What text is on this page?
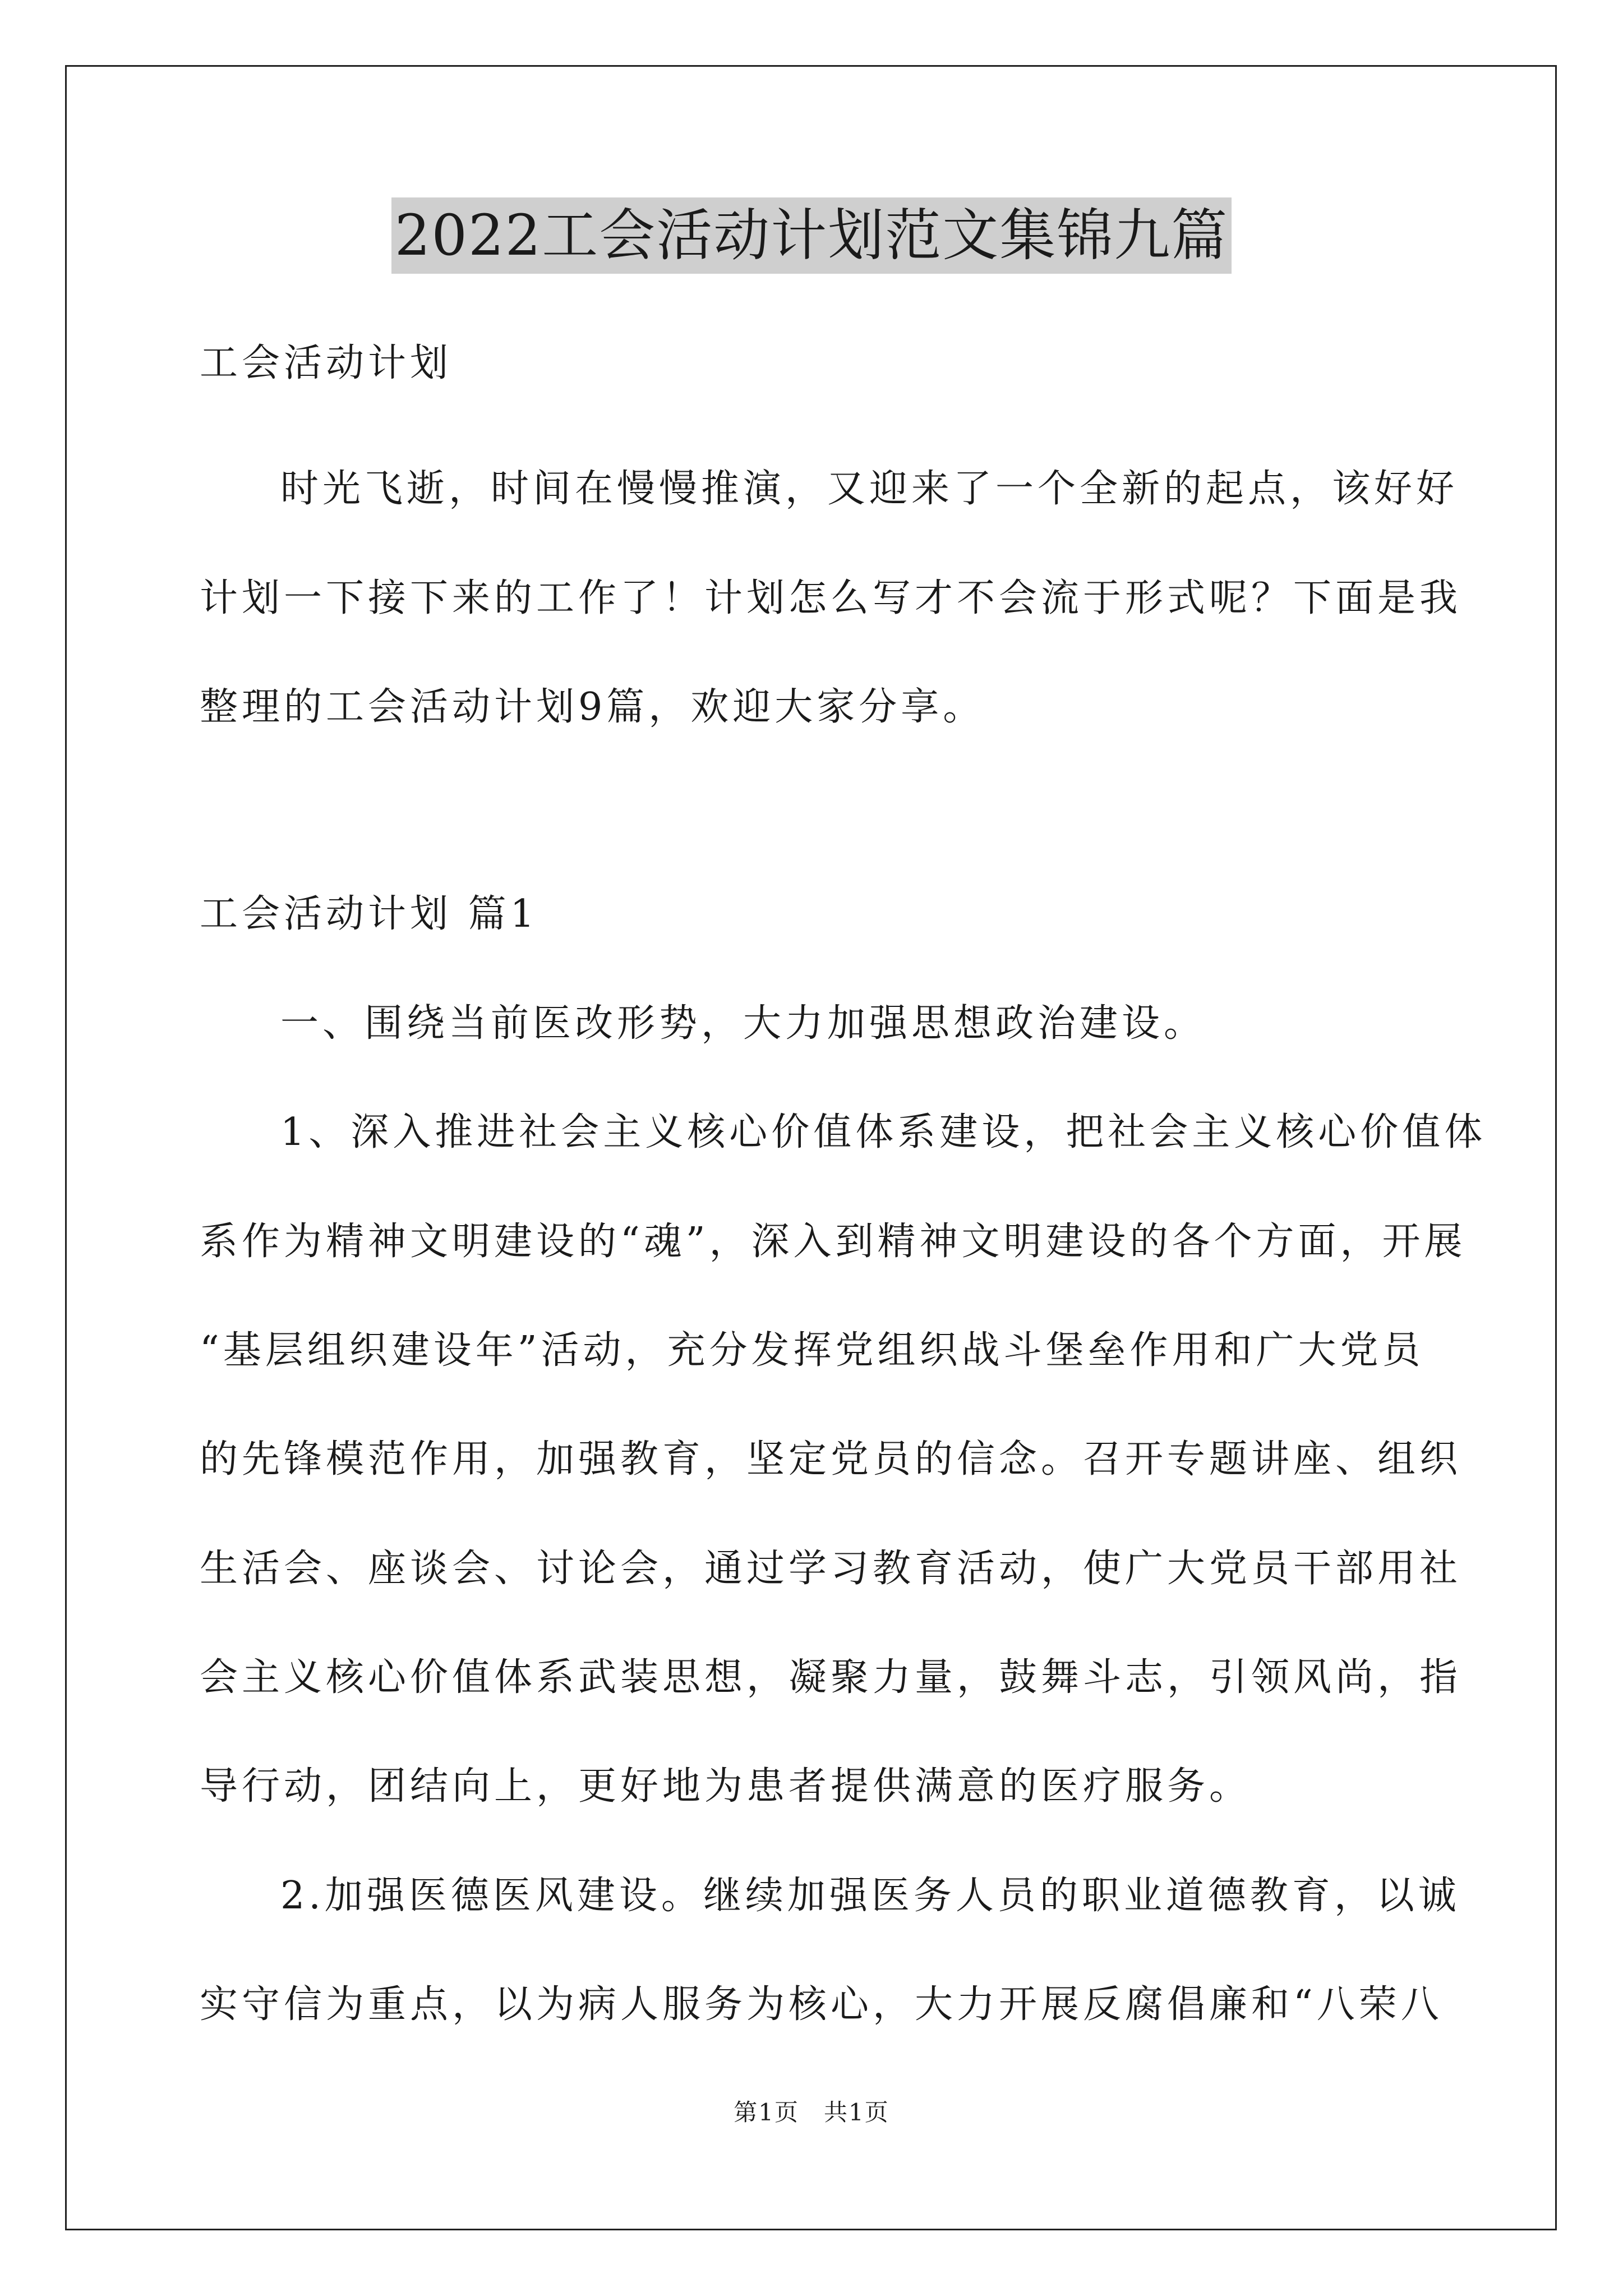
2022工会活动计划范文集锦九篇
工会活动计划
时光飞逝，时间在慢慢推演，又迎来了一个全新的起点，该好好
计划一下接下来的工作了！计划怎么写才不会流于形式呢？下面是我
整理的工会活动计划9篇，欢迎大家分享。
工会活动计划 篇1
一、围绕当前医改形势，大力加强思想政治建设。
1、深入推进社会主义核心价值体系建设，把社会主义核心价值体
系作为精神文明建设的“魂”，深入到精神文明建设的各个方面，开展
“基层组织建设年”活动，充分发挥党组织战斗堡垒作用和广大党员
的先锋模范作用，加强教育，坚定党员的信念。召开专题讲座、组织
生活会、座谈会、讨论会，通过学习教育活动，使广大党员干部用社
会主义核心价值体系武装思想，凝聚力量，鼓舞斗志，引领风尚，指
导行动，团结向上，更好地为患者提供满意的医疗服务。
2.加强医德医风建设。继续加强医务人员的职业道德教育，以诚
实守信为重点，以为病人服务为核心，大力开展反腐倡廉和“八荣八
第1页　共1页
